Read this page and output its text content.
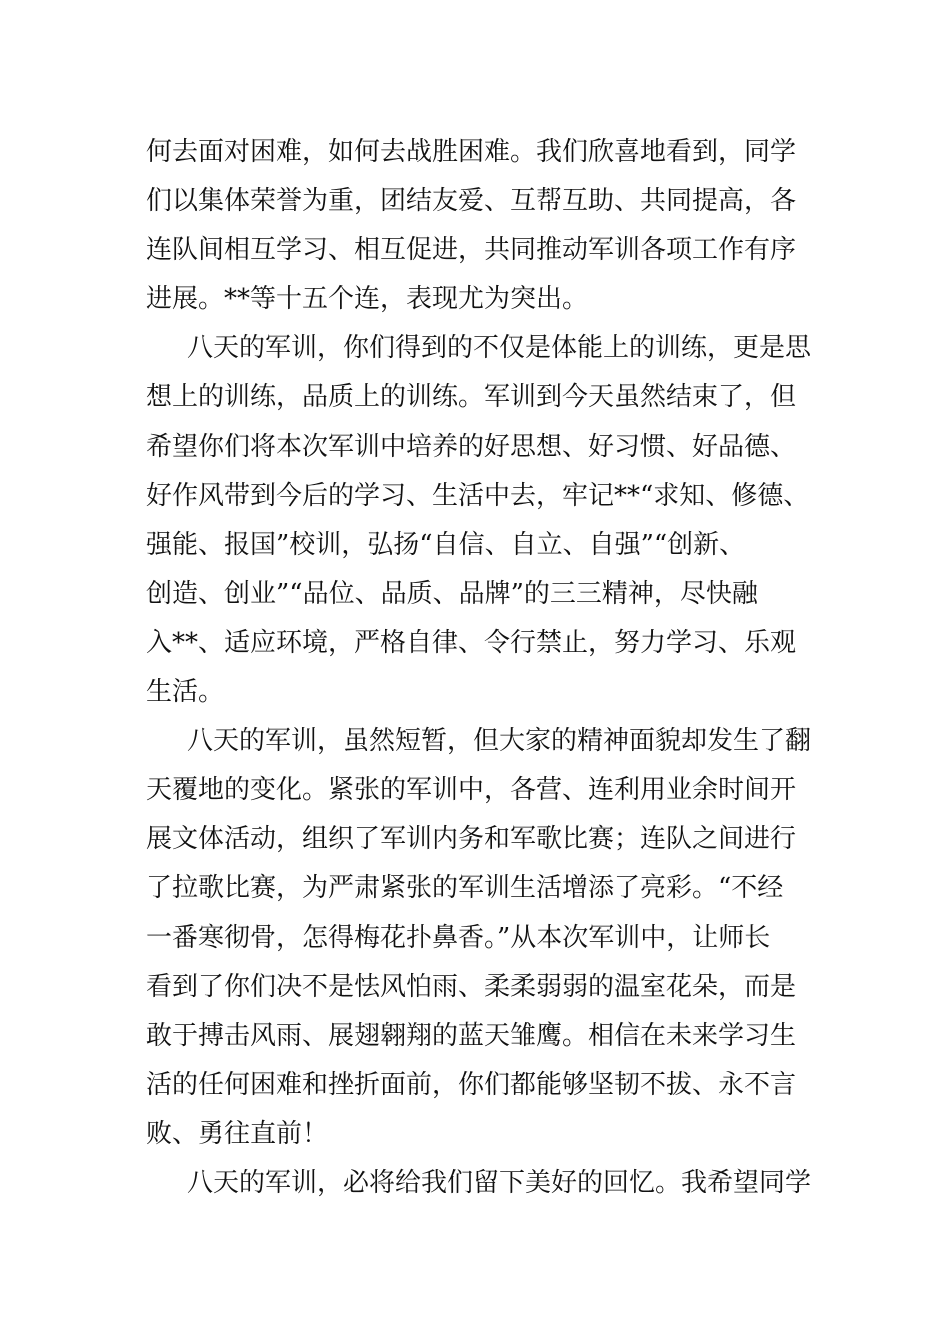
何去面对困难，如何去战胜困难。我们欣喜地看到，同学
们以集体荣誉为重，团结友爱、互帮互助、共同提高，各
连队间相互学习、相互促进，共同推动军训各项工作有序
进展。**等十五个连，表现尤为突出。
八天的军训，你们得到的不仅是体能上的训练，更是思
想上的训练，品质上的训练。军训到今天虽然结束了，但
希望你们将本次军训中培养的好思想、好习惯、好品德、
好作风带到今后的学习、生活中去，牢记**“求知、修德、
强能、报国”校训，弘扬“自信、自立、自强”“创新、
创造、创业”“品位、品质、品牌”的三三精神，尽快融
入**、适应环境，严格自律、令行禁止，努力学习、乐观
生活。
八天的军训，虽然短暂，但大家的精神面貌却发生了翻
天覆地的变化。紧张的军训中，各营、连利用业余时间开
展文体活动，组织了军训内务和军歌比赛；连队之间进行
了拉歌比赛，为严肃紧张的军训生活增添了亮彩。“不经
一番寒彻骨，怎得梅花扑鼻香。”从本次军训中，让师长
看到了你们决不是怯风怕雨、柔柔弱弱的温室花朵，而是
敢于搏击风雨、展翅翱翔的蓝天雏鹰。相信在未来学习生
活的任何困难和挫折面前，你们都能够坚韧不拔、永不言
败、勇往直前！
八天的军训，必将给我们留下美好的回忆。我希望同学
